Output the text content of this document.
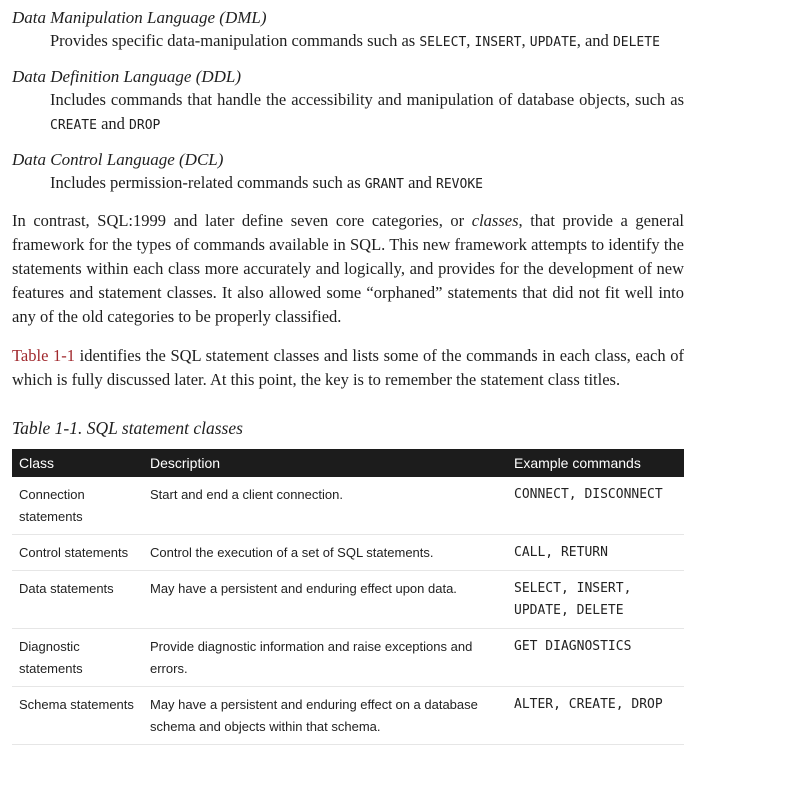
Data Manipulation Language (DML)
Provides specific data-manipulation commands such as SELECT, INSERT, UPDATE, and DELETE
Data Definition Language (DDL)
Includes commands that handle the accessibility and manipulation of database objects, such as CREATE and DROP
Data Control Language (DCL)
Includes permission-related commands such as GRANT and REVOKE

In contrast, SQL:1999 and later define seven core categories, or classes, that provide a general framework for the types of commands available in SQL. This new framework attempts to identify the statements within each class more accurately and logically, and provides for the development of new features and statement classes. It also allowed some “orphaned” statements that did not fit well into any of the old categories to be properly classified.

Table 1-1 identifies the SQL statement classes and lists some of the commands in each class, each of which is fully discussed later. At this point, the key is to remember the statement class titles.

Table 1-1. SQL statement classes

Class	Description	Example commands
Connection statements	Start and end a client connection.	CONNECT, DISCONNECT
Control statements	Control the execution of a set of SQL statements.	CALL, RETURN
Data statements	May have a persistent and enduring effect upon data.	SELECT, INSERT, UPDATE, DELETE
Diagnostic statements	Provide diagnostic information and raise exceptions and errors.	GET DIAGNOSTICS
Schema statements	May have a persistent and enduring effect on a database schema and objects within that schema.	ALTER, CREATE, DROP
